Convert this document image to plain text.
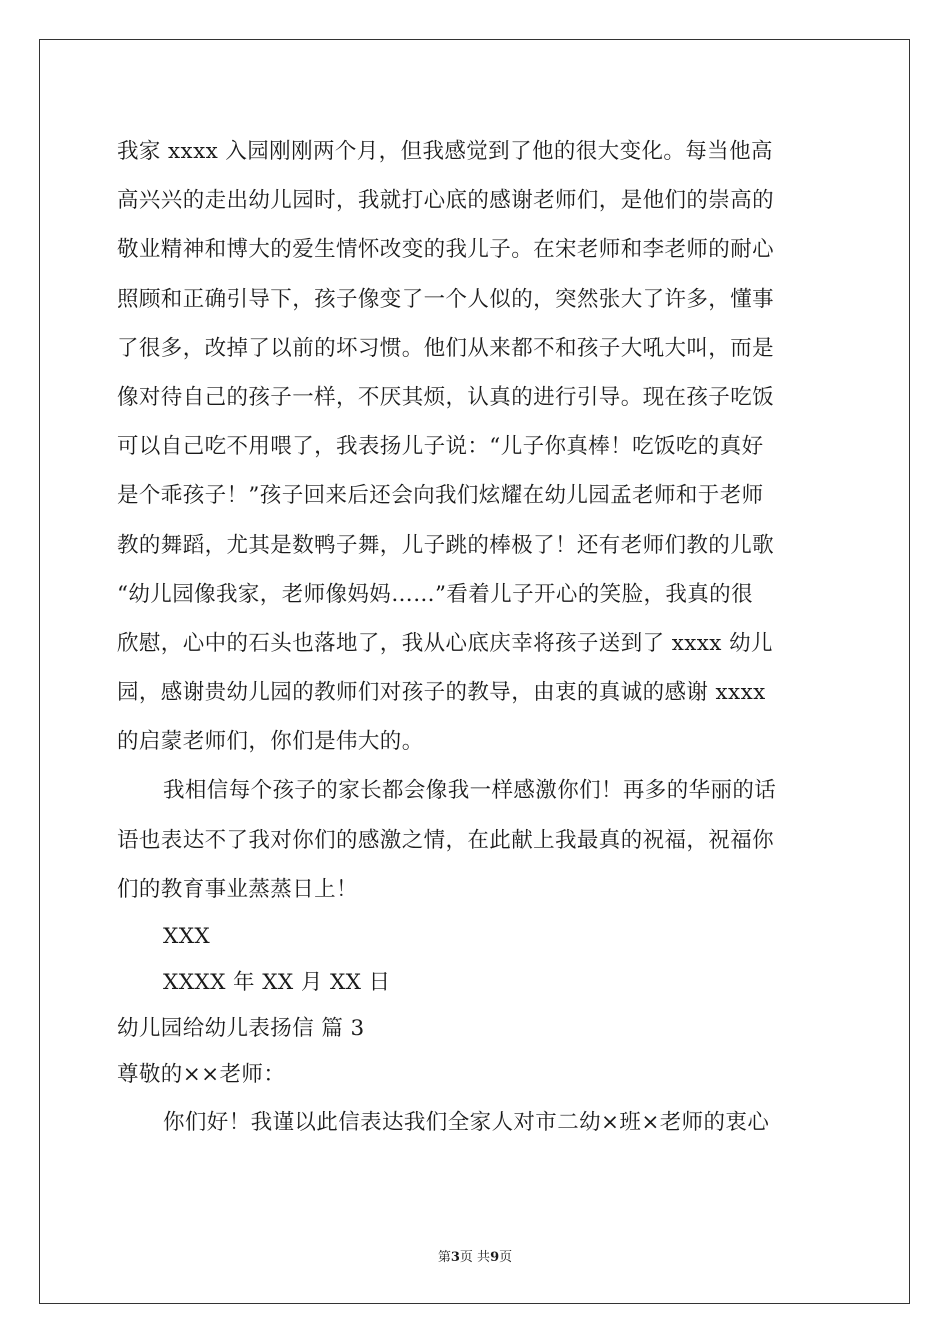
我家 xxxx 入园刚刚两个月，但我感觉到了他的很大变化。每当他高
高兴兴的走出幼儿园时，我就打心底的感谢老师们，是他们的崇高的
敬业精神和博大的爱生情怀改变的我儿子。在宋老师和李老师的耐心
照顾和正确引导下，孩子像变了一个人似的，突然张大了许多，懂事
了很多，改掉了以前的坏习惯。他们从来都不和孩子大吼大叫，而是
像对待自己的孩子一样，不厌其烦，认真的进行引导。现在孩子吃饭
可以自己吃不用喂了，我表扬儿子说：“儿子你真棒！吃饭吃的真好
是个乖孩子！”孩子回来后还会向我们炫耀在幼儿园孟老师和于老师
教的舞蹈，尤其是数鸭子舞，儿子跳的棒极了！还有老师们教的儿歌
“幼儿园像我家，老师像妈妈……”看着儿子开心的笑脸，我真的很
欣慰，心中的石头也落地了，我从心底庆幸将孩子送到了 xxxx 幼儿
园，感谢贵幼儿园的教师们对孩子的教导，由衷的真诚的感谢 xxxx
的启蒙老师们，你们是伟大的。
我相信每个孩子的家长都会像我一样感激你们！再多的华丽的话
语也表达不了我对你们的感激之情，在此献上我最真的祝福，祝福你
们的教育事业蒸蒸日上！
XXX
XXXX 年 XX 月 XX 日
幼儿园给幼儿表扬信 篇 3
尊敬的××老师：
你们好！我谨以此信表达我们全家人对市二幼×班×老师的衷心
第3页 共9页
